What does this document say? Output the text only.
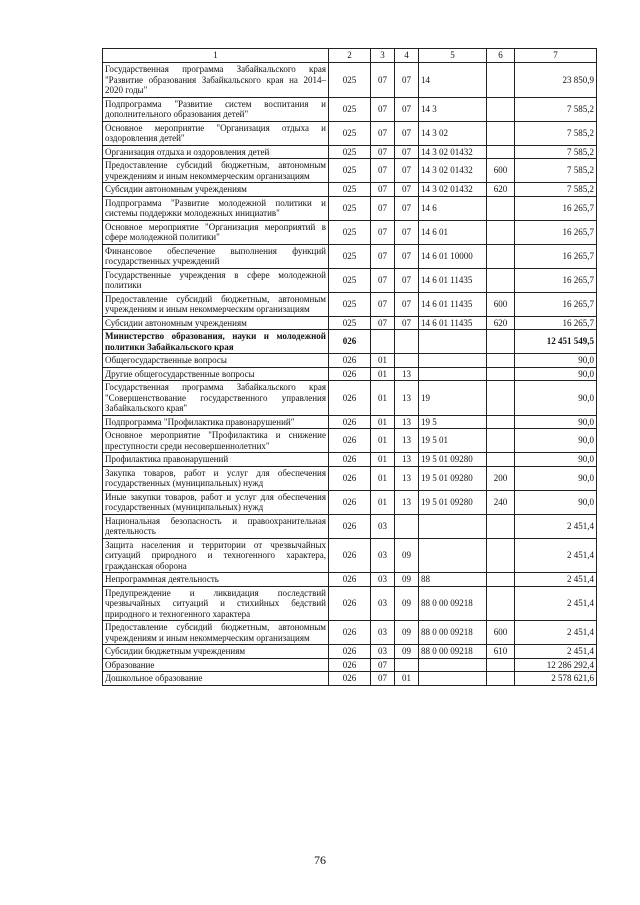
1	2	3	4	5	6	7
Государственная программа Забайкальского края "Развитие образования Забайкальского края на 2014–2020 годы"	025	07	07	14		23 850,9
Подпрограмма "Развитие систем воспитания и дополнительного образования детей"	025	07	07	14 3		7 585,2
Основное мероприятие "Организация отдыха и оздоровления детей"	025	07	07	14 3 02		7 585,2
Организация отдыха и оздоровления детей	025	07	07	14 3 02 01432		7 585,2
Предоставление субсидий бюджетным, автономным учреждениям и иным некоммерческим организациям	025	07	07	14 3 02 01432	600	7 585,2
Субсидии автономным учреждениям	025	07	07	14 3 02 01432	620	7 585,2
Подпрограмма "Развитие молодежной политики и системы поддержки молодежных инициатив"	025	07	07	14 6		16 265,7
Основное мероприятие "Организация мероприятий в сфере молодежной политики"	025	07	07	14 6 01		16 265,7
Финансовое обеспечение выполнения функций государственных учреждений	025	07	07	14 6 01 10000		16 265,7
Государственные учреждения в сфере молодежной политики	025	07	07	14 6 01 11435		16 265,7
Предоставление субсидий бюджетным, автономным учреждениям и иным некоммерческим организациям	025	07	07	14 6 01 11435	600	16 265,7
Субсидии автономным учреждениям	025	07	07	14 6 01 11435	620	16 265,7
Министерство образования, науки и молодежной политики Забайкальского края	026					12 451 549,5
Общегосударственные вопросы	026	01				90,0
Другие общегосударственные вопросы	026	01	13			90,0
Государственная программа Забайкальского края "Совершенствование государственного управления Забайкальского края"	026	01	13	19		90,0
Подпрограмма "Профилактика правонарушений"	026	01	13	19 5		90,0
Основное мероприятие "Профилактика и снижение преступности среди несовершеннолетних"	026	01	13	19 5 01		90,0
Профилактика правонарушений	026	01	13	19 5 01 09280		90,0
Закупка товаров, работ и услуг для обеспечения государственных (муниципальных) нужд	026	01	13	19 5 01 09280	200	90,0
Иные закупки товаров, работ и услуг для обеспечения государственных (муниципальных) нужд	026	01	13	19 5 01 09280	240	90,0
Национальная безопасность и правоохранительная деятельность	026	03				2 451,4
Защита населения и территории от чрезвычайных ситуаций природного и техногенного характера, гражданская оборона	026	03	09			2 451,4
Непрограммная деятельность	026	03	09	88		2 451,4
Предупреждение и ликвидация последствий чрезвычайных ситуаций и стихийных бедствий природного и техногенного характера	026	03	09	88 0 00 09218		2 451,4
Предоставление субсидий бюджетным, автономным учреждениям и иным некоммерческим организациям	026	03	09	88 0 00 09218	600	2 451,4
Субсидии бюджетным учреждениям	026	03	09	88 0 00 09218	610	2 451,4
Образование	026	07				12 286 292,4
Дошкольное образование	026	07	01			2 578 621,6
76
